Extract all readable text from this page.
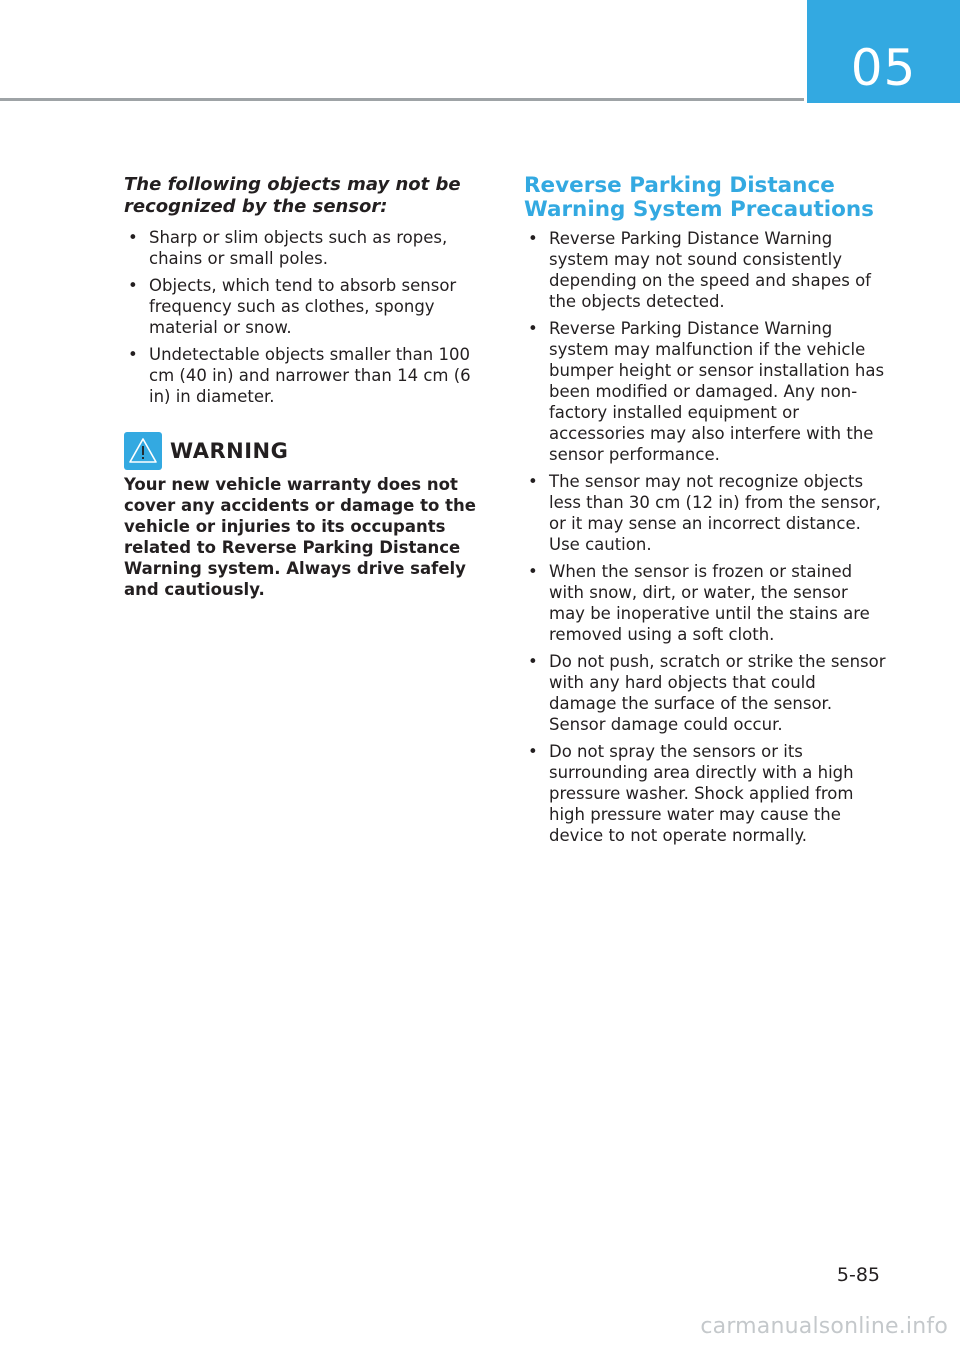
05

The following objects may not be recognized by the sensor:

• Sharp or slim objects such as ropes, chains or small poles.
• Objects, which tend to absorb sensor frequency such as clothes, spongy material or snow.
• Undetectable objects smaller than 100 cm (40 in) and narrower than 14 cm (6 in) in diameter.
WARNING

Your new vehicle warranty does not cover any accidents or damage to the vehicle or injuries to its occupants related to Reverse Parking Distance Warning system. Always drive safely and cautiously.

Reverse Parking Distance Warning System Precautions
• Reverse Parking Distance Warning system may not sound consistently depending on the speed and shapes of the objects detected.
• Reverse Parking Distance Warning system may malfunction if the vehicle bumper height or sensor installation has been modified or damaged. Any non-factory installed equipment or accessories may also interfere with the sensor performance.
• The sensor may not recognize objects less than 30 cm (12 in) from the sensor, or it may sense an incorrect distance. Use caution.
• When the sensor is frozen or stained with snow, dirt, or water, the sensor may be inoperative until the stains are removed using a soft cloth.
• Do not push, scratch or strike the sensor with any hard objects that could damage the surface of the sensor. Sensor damage could occur.
• Do not spray the sensors or its surrounding area directly with a high pressure washer. Shock applied from high pressure water may cause the device to not operate normally.
5-85
carmanualsonline.info
